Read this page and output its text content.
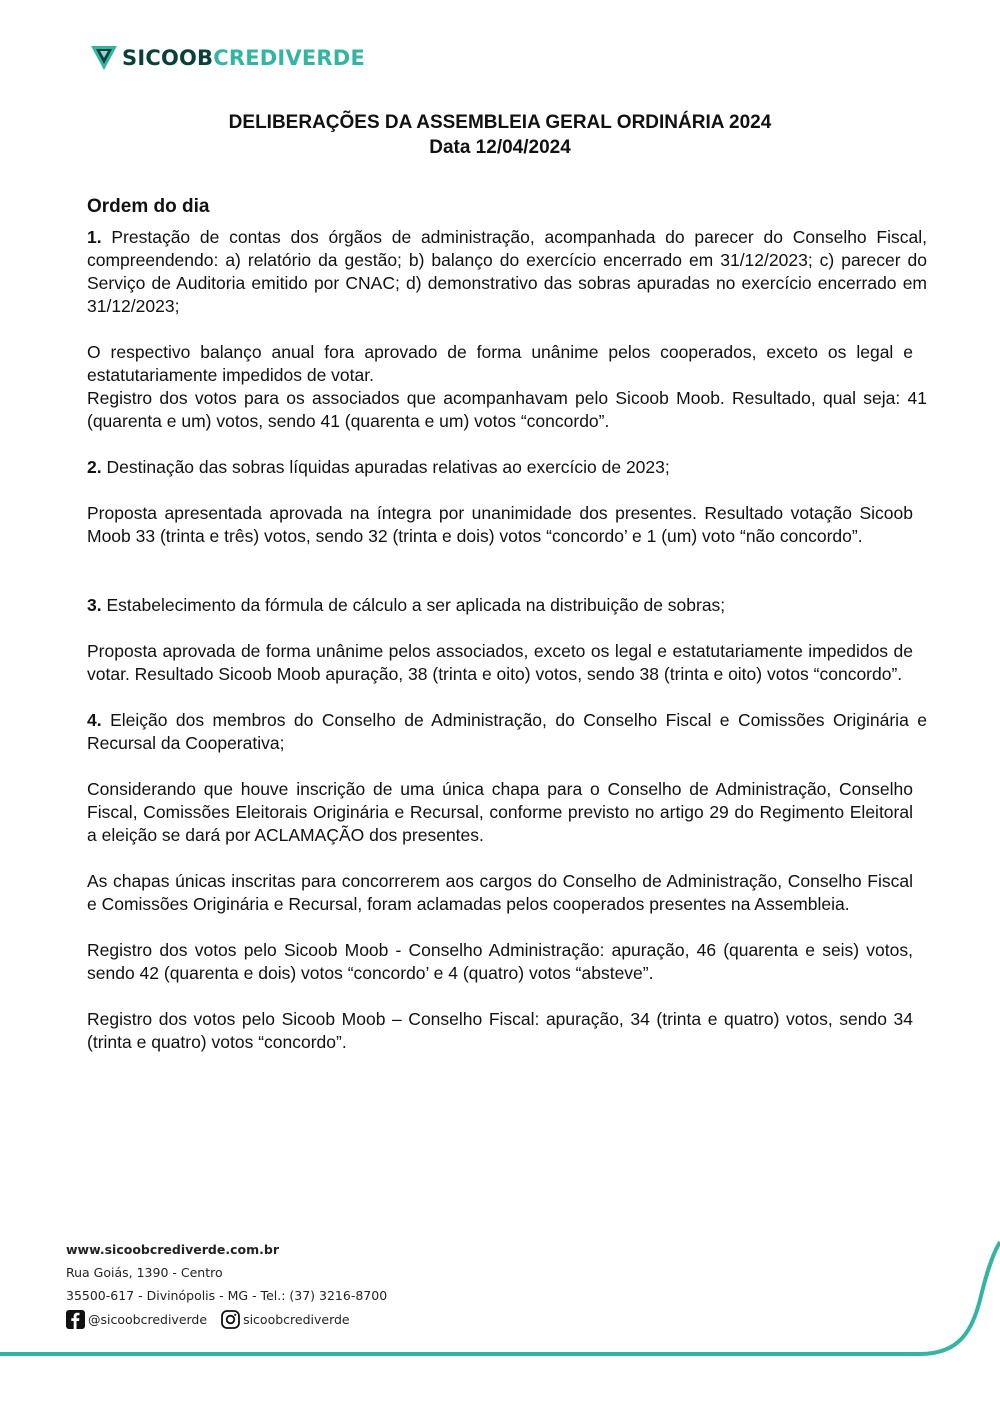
SICOOBCREDIVERDE
DELIBERAÇÕES DA ASSEMBLEIA GERAL ORDINÁRIA 2024
Data 12/04/2024
Ordem do dia

1. Prestação de contas dos órgãos de administração, acompanhada do parecer do Conselho Fiscal, compreendendo: a) relatório da gestão; b) balanço do exercício encerrado em 31/12/2023; c) parecer do Serviço de Auditoria emitido por CNAC; d) demonstrativo das sobras apuradas no exercício encerrado em 31/12/2023;

O respectivo balanço anual fora aprovado de forma unânime pelos cooperados, exceto os legal e estatutariamente impedidos de votar.

Registro dos votos para os associados que acompanhavam pelo Sicoob Moob. Resultado, qual seja: 41 (quarenta e um) votos, sendo 41 (quarenta e um) votos “concordo”.

2. Destinação das sobras líquidas apuradas relativas ao exercício de 2023;

Proposta apresentada aprovada na íntegra por unanimidade dos presentes. Resultado votação Sicoob Moob 33 (trinta e três) votos, sendo 32 (trinta e dois) votos “concordo’ e 1 (um) voto “não concordo”.

3. Estabelecimento da fórmula de cálculo a ser aplicada na distribuição de sobras;

Proposta aprovada de forma unânime pelos associados, exceto os legal e estatutariamente impedidos de votar. Resultado Sicoob Moob apuração, 38 (trinta e oito) votos, sendo 38 (trinta e oito) votos “concordo”.

4. Eleição dos membros do Conselho de Administração, do Conselho Fiscal e Comissões Originária e Recursal da Cooperativa;

Considerando que houve inscrição de uma única chapa para o Conselho de Administração, Conselho Fiscal, Comissões Eleitorais Originária e Recursal, conforme previsto no artigo 29 do Regimento Eleitoral a eleição se dará por ACLAMAÇÃO dos presentes.

As chapas únicas inscritas para concorrerem aos cargos do Conselho de Administração, Conselho Fiscal e Comissões Originária e Recursal, foram aclamadas pelos cooperados presentes na Assembleia.

Registro dos votos pelo Sicoob Moob - Conselho Administração: apuração, 46 (quarenta e seis) votos, sendo 42 (quarenta e dois) votos “concordo’ e 4 (quatro) votos “absteve”.

Registro dos votos pelo Sicoob Moob – Conselho Fiscal: apuração, 34 (trinta e quatro) votos, sendo 34 (trinta e quatro) votos “concordo”.

www.sicoobcrediverde.com.br
Rua Goiás, 1390 - Centro
35500-617 - Divinópolis - MG - Tel.: (37) 3216-8700
@sicoobcrediverde	sicoobcrediverde
